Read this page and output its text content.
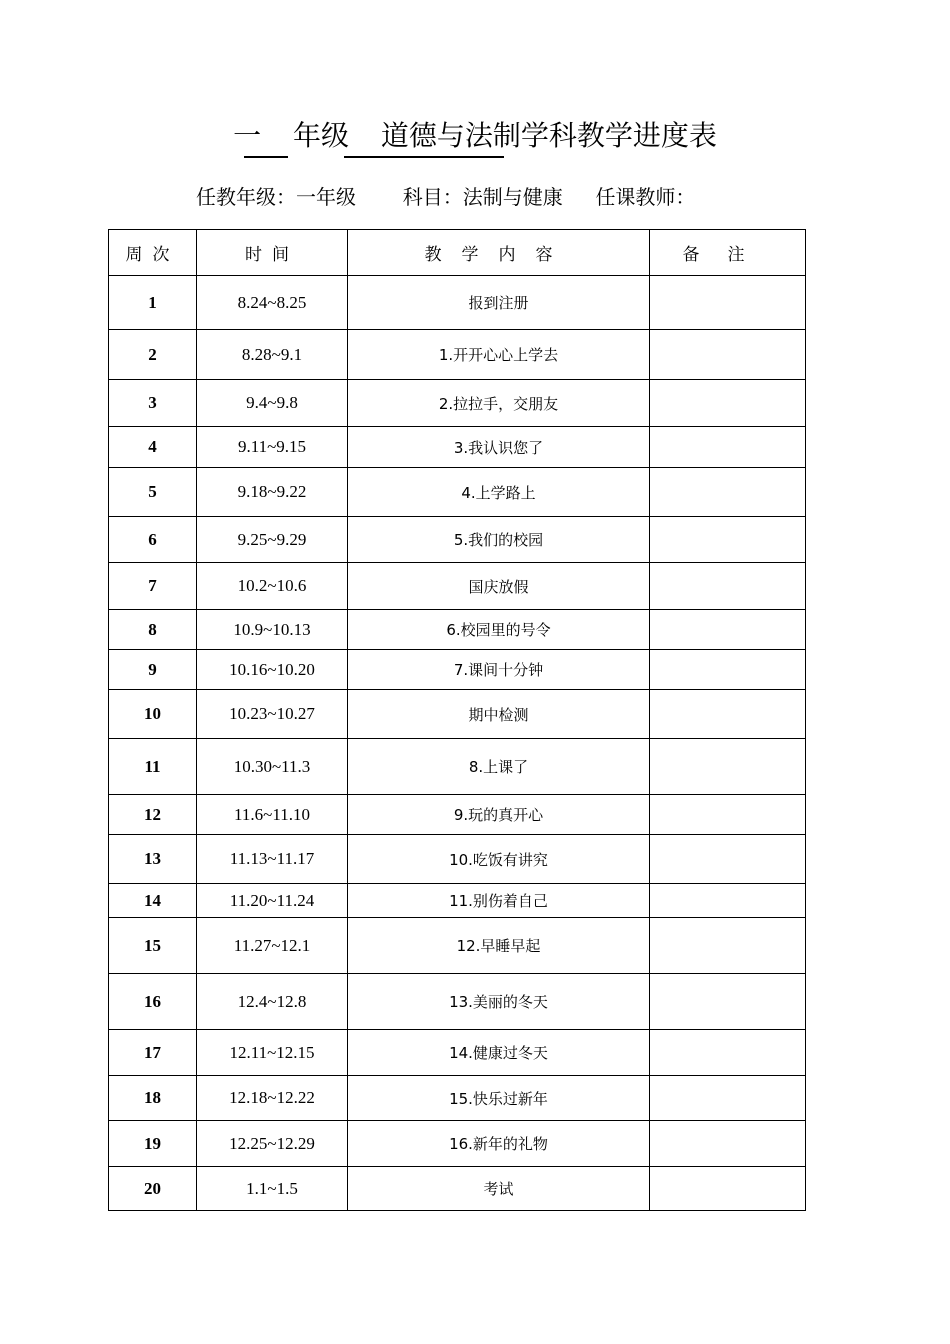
一 年级 道德与法制学科教学进度表
任教年级：一年级 科目：法制与健康 任课教师：
周次	时间	教学内容	备注
1	8.24~8.25	报到注册	
2	8.28~9.1	1.开开心心上学去	
3	9.4~9.8	2.拉拉手，交朋友	
4	9.11~9.15	3.我认识您了	
5	9.18~9.22	4.上学路上	
6	9.25~9.29	5.我们的校园	
7	10.2~10.6	国庆放假	
8	10.9~10.13	6.校园里的号令	
9	10.16~10.20	7.课间十分钟	
10	10.23~10.27	期中检测	
11	10.30~11.3	8.上课了	
12	11.6~11.10	9.玩的真开心	
13	11.13~11.17	10.吃饭有讲究	
14	11.20~11.24	11.别伤着自己	
15	11.27~12.1	12.早睡早起	
16	12.4~12.8	13.美丽的冬天	
17	12.11~12.15	14.健康过冬天	
18	12.18~12.22	15.快乐过新年	
19	12.25~12.29	16.新年的礼物	
20	1.1~1.5	考试	
